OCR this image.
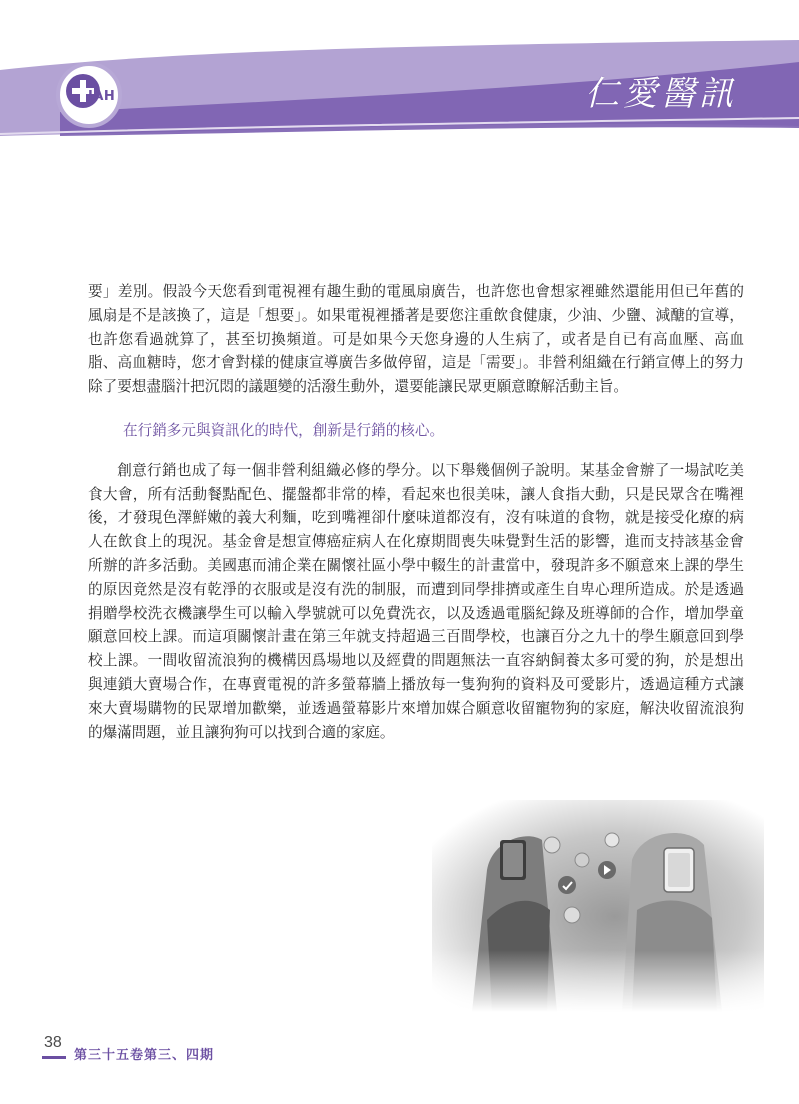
JAH	仁愛醫訊

要」差別。假設今天您看到電視裡有趣生動的電風扇廣告，也許您也會想家裡雖然還能用但已年舊的風扇是不是該換了，這是「想要」。如果電視裡播著是要您注重飲食健康，少油、少鹽、減醣的宣導，也許您看過就算了，甚至切換頻道。可是如果今天您身邊的人生病了，或者是自已有高血壓、高血脂、高血糖時，您才會對樣的健康宣導廣告多做停留，這是「需要」。非營利組織在行銷宣傳上的努力除了要想盡腦汁把沉悶的議題變的活潑生動外，還要能讓民眾更願意瞭解活動主旨。

在行銷多元與資訊化的時代，創新是行銷的核心。

創意行銷也成了每一個非營利組織必修的學分。以下舉幾個例子說明。某基金會辦了一場試吃美食大會，所有活動餐點配色、擺盤都非常的棒，看起來也很美味，讓人食指大動，只是民眾含在嘴裡後，才發現色澤鮮嫩的義大利麵，吃到嘴裡卻什麼味道都沒有，沒有味道的食物，就是接受化療的病人在飲食上的現況。基金會是想宣傳癌症病人在化療期間喪失味覺對生活的影響，進而支持該基金會所辦的許多活動。美國惠而浦企業在關懷社區小學中輟生的計畫當中，發現許多不願意來上課的學生的原因竟然是沒有乾淨的衣服或是沒有洗的制服，而遭到同學排擠或產生自卑心理所造成。於是透過捐贈學校洗衣機讓學生可以輸入學號就可以免費洗衣，以及透過電腦紀錄及班導師的合作，增加學童願意回校上課。而這項關懷計畫在第三年就支持超過三百間學校，也讓百分之九十的學生願意回到學校上課。一間收留流浪狗的機構因爲場地以及經費的問題無法一直容納飼養太多可愛的狗，於是想出與連鎖大賣場合作，在專賣電視的許多螢幕牆上播放每一隻狗狗的資料及可愛影片，透過這種方式讓來大賣場購物的民眾增加歡樂，並透過螢幕影片來增加媒合願意收留寵物狗的家庭，解決收留流浪狗的爆滿問題，並且讓狗狗可以找到合適的家庭。

38
第三十五卷第三、四期
